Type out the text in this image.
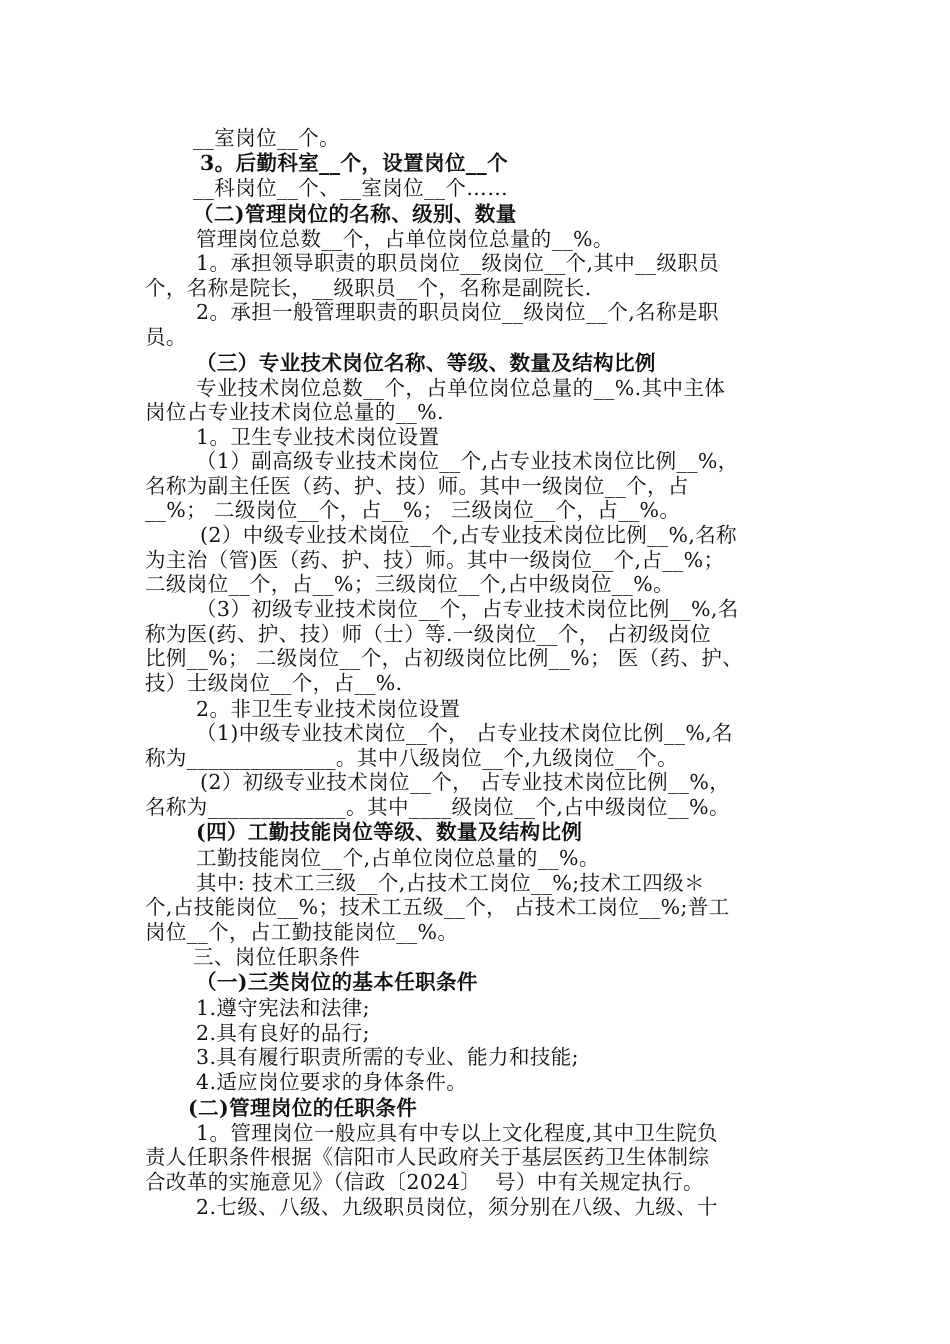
__室岗位__个。
3。后勤科室__个，设置岗位__个
__科岗位__个、__室岗位__个……
（二)管理岗位的名称、级别、数量
管理岗位总数__个，占单位岗位总量的__%。
1。承担领导职责的职员岗位__级岗位__个,其中__级职员
个，名称是院长，__级职员__个，名称是副院长.
2。承担一般管理职责的职员岗位__级岗位__个,名称是职
员。
（三）专业技术岗位名称、等级、数量及结构比例
专业技术岗位总数__个，占单位岗位总量的__%.其中主体
岗位占专业技术岗位总量的__%.
1。卫生专业技术岗位设置
（1）副高级专业技术岗位__个,占专业技术岗位比例__%，
名称为副主任医（药、护、技）师。其中一级岗位__个，占
__%； 二级岗位__个，占__%； 三级岗位__个，占__%。
(2）中级专业技术岗位__个,占专业技术岗位比例__%,名称
为主治（管)医（药、护、技）师。其中一级岗位__个,占__%；
二级岗位__个，占__%；三级岗位__个,占中级岗位__%。
（3）初级专业技术岗位__个，占专业技术岗位比例__%,名
称为医(药、护、技）师（士）等.一级岗位__个， 占初级岗位
比例__%； 二级岗位__个，占初级岗位比例__%； 医（药、护、
技）士级岗位__个，占__%.
2。非卫生专业技术岗位设置
（1)中级专业技术岗位__个， 占专业技术岗位比例__%,名
称为______________。其中八级岗位__个,九级岗位__个。
(2）初级专业技术岗位__个， 占专业技术岗位比例__%，
名称为_____________。其中____级岗位__个,占中级岗位__%。
(四）工勤技能岗位等级、数量及结构比例
工勤技能岗位__个,占单位岗位总量的__%。
其中: 技术工三级__个,占技术工岗位__%;技术工四级＊
个,占技能岗位__%；技术工五级__个， 占技术工岗位__%;普工
岗位__个，占工勤技能岗位__%。
三、岗位任职条件
（一)三类岗位的基本任职条件
1.遵守宪法和法律;
2.具有良好的品行;
3.具有履行职责所需的专业、能力和技能;
4.适应岗位要求的身体条件。
(二)管理岗位的任职条件
1。管理岗位一般应具有中专以上文化程度,其中卫生院负
责人任职条件根据《信阳市人民政府关于基层医药卫生体制综
合改革的实施意见》（信政〔2024〕  号）中有关规定执行。
2.七级、八级、九级职员岗位，须分别在八级、九级、十
